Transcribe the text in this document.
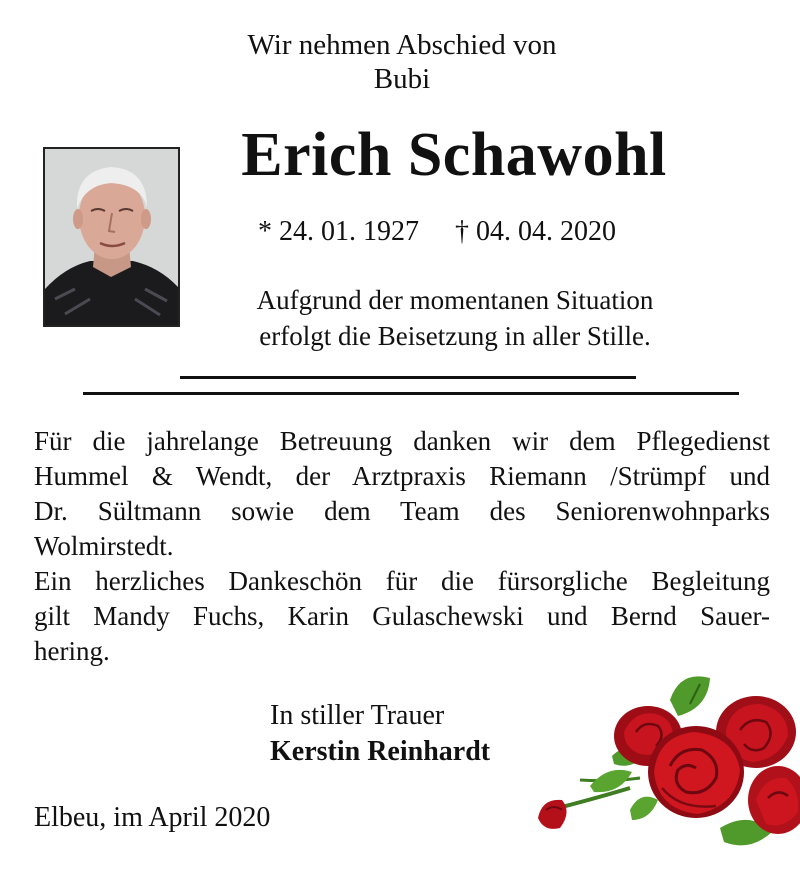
Wir nehmen Abschied von
Bubi
Erich Schawohl
* 24. 01. 1927 † 04. 04. 2020
Aufgrund der momentanen Situation
erfolgt die Beisetzung in aller Stille.
Für die jahrelange Betreuung danken wir dem Pflegedienst
Hummel & Wendt, der Arztpraxis Riemann /Strümpf und
Dr. Sültmann sowie dem Team des Seniorenwohnparks
Wolmirstedt.
Ein herzliches Dankeschön für die fürsorgliche Begleitung
gilt Mandy Fuchs, Karin Gulaschewski und Bernd Sauer-
hering.
In stiller Trauer
Kerstin Reinhardt
Elbeu, im April 2020
